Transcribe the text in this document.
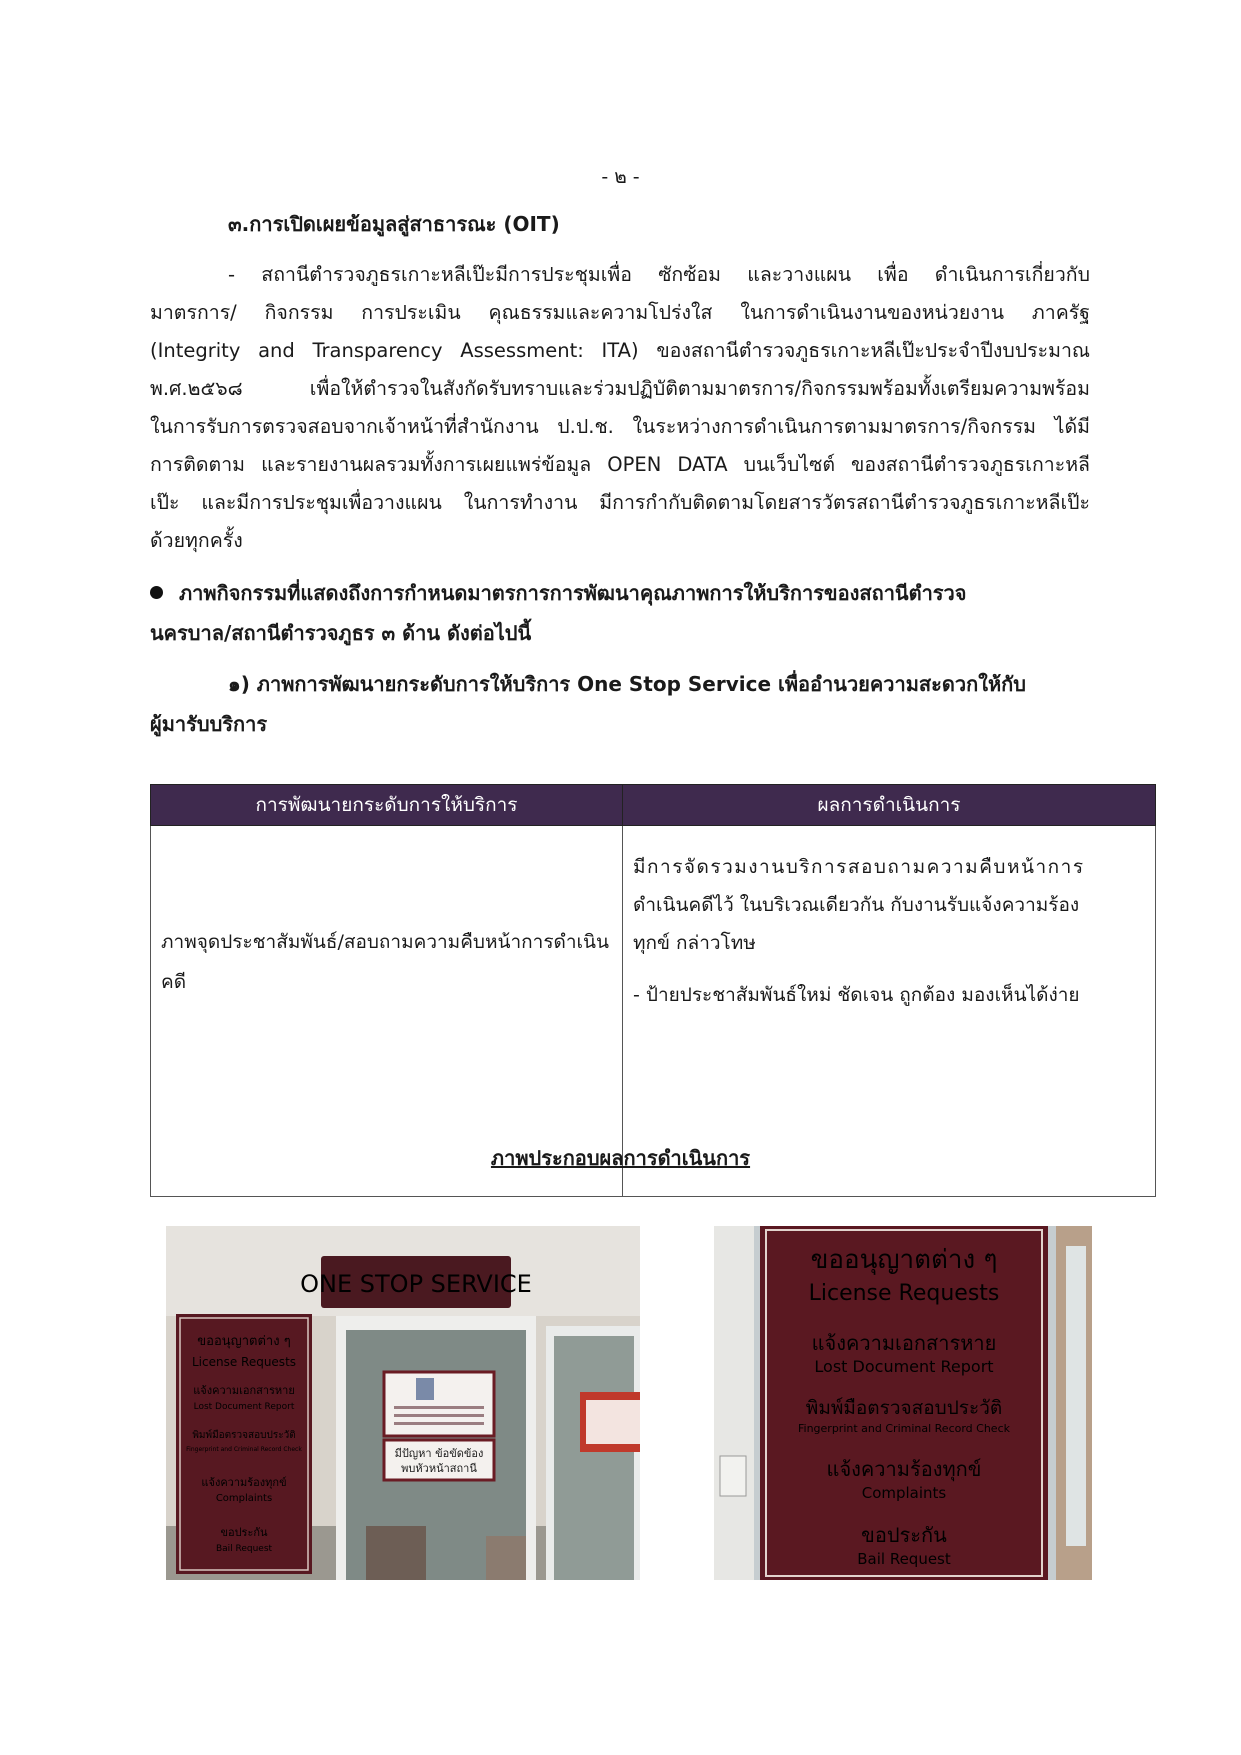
- ๒ -
๓.การเปิดเผยข้อมูลสู่สาธารณะ (OIT)
- สถานีตำรวจภูธรเกาะหลีเป๊ะมีการประชุมเพื่อ ซักซ้อม และวางแผน เพื่อ ดำเนินการเกี่ยวกับ
มาตรการ/ กิจกรรม การประเมิน คุณธรรมและความโปร่งใส ในการดำเนินงานของหน่วยงาน ภาครัฐ
(Integrity and Transparency Assessment: ITA) ของสถานีตำรวจภูธรเกาะหลีเป๊ะประจำปีงบประมาณ
พ.ศ.๒๕๖๘ เพื่อให้ตำรวจในสังกัดรับทราบและร่วมปฏิบัติตามมาตรการ/กิจกรรมพร้อมทั้งเตรียมความพร้อม
ในการรับการตรวจสอบจากเจ้าหน้าที่สำนักงาน ป.ป.ช. ในระหว่างการดำเนินการตามมาตรการ/กิจกรรม ได้มี
การติดตาม และรายงานผลรวมทั้งการเผยแพร่ข้อมูล OPEN DATA บนเว็บไซต์ ของสถานีตำรวจภูธรเกาะหลี
เป๊ะ และมีการประชุมเพื่อวางแผน ในการทำงาน มีการกำกับติดตามโดยสารวัตรสถานีตำรวจภูธรเกาะหลีเป๊ะ
ด้วยทุกครั้ง
ภาพกิจกรรมที่แสดงถึงการกำหนดมาตรการการพัฒนาคุณภาพการให้บริการของสถานีตำรวจ
นครบาล/สถานีตำรวจภูธร ๓ ด้าน ดังต่อไปนี้
๑) ภาพการพัฒนายกระดับการให้บริการ One Stop Service เพื่ออำนวยความสะดวกให้กับ
ผู้มารับบริการ
การพัฒนายกระดับการให้บริการ	ผลการดำเนินการ
ภาพจุดประชาสัมพันธ์/สอบถามความคืบหน้าการดำเนินคดี	มีการจัดรวมงานบริการสอบถามความคืบหน้าการ
ดำเนินคดีไว้ ในบริเวณเดียวกัน กับงานรับแจ้งความร้อง
ทุกข์ กล่าวโทษ
- ป้ายประชาสัมพันธ์ใหม่ ชัดเจน ถูกต้อง มองเห็นได้ง่าย
ภาพประกอบผลการดำเนินการ
ONE STOP SERVICE
ขออนุญาตต่าง ๆ
License Requests
แจ้งความเอกสารหาย
Lost Document Report
พิมพ์มือตรวจสอบประวัติ
Fingerprint and Criminal Record Check
แจ้งความร้องทุกข์
Complaints
ขอประกัน
Bail Request
มีปัญหา ข้อขัดข้อง
พบหัวหน้าสถานี
ขออนุญาตต่าง ๆ
License Requests
แจ้งความเอกสารหาย
Lost Document Report
พิมพ์มือตรวจสอบประวัติ
Fingerprint and Criminal Record Check
แจ้งความร้องทุกข์
Complaints
ขอประกัน
Bail Request
